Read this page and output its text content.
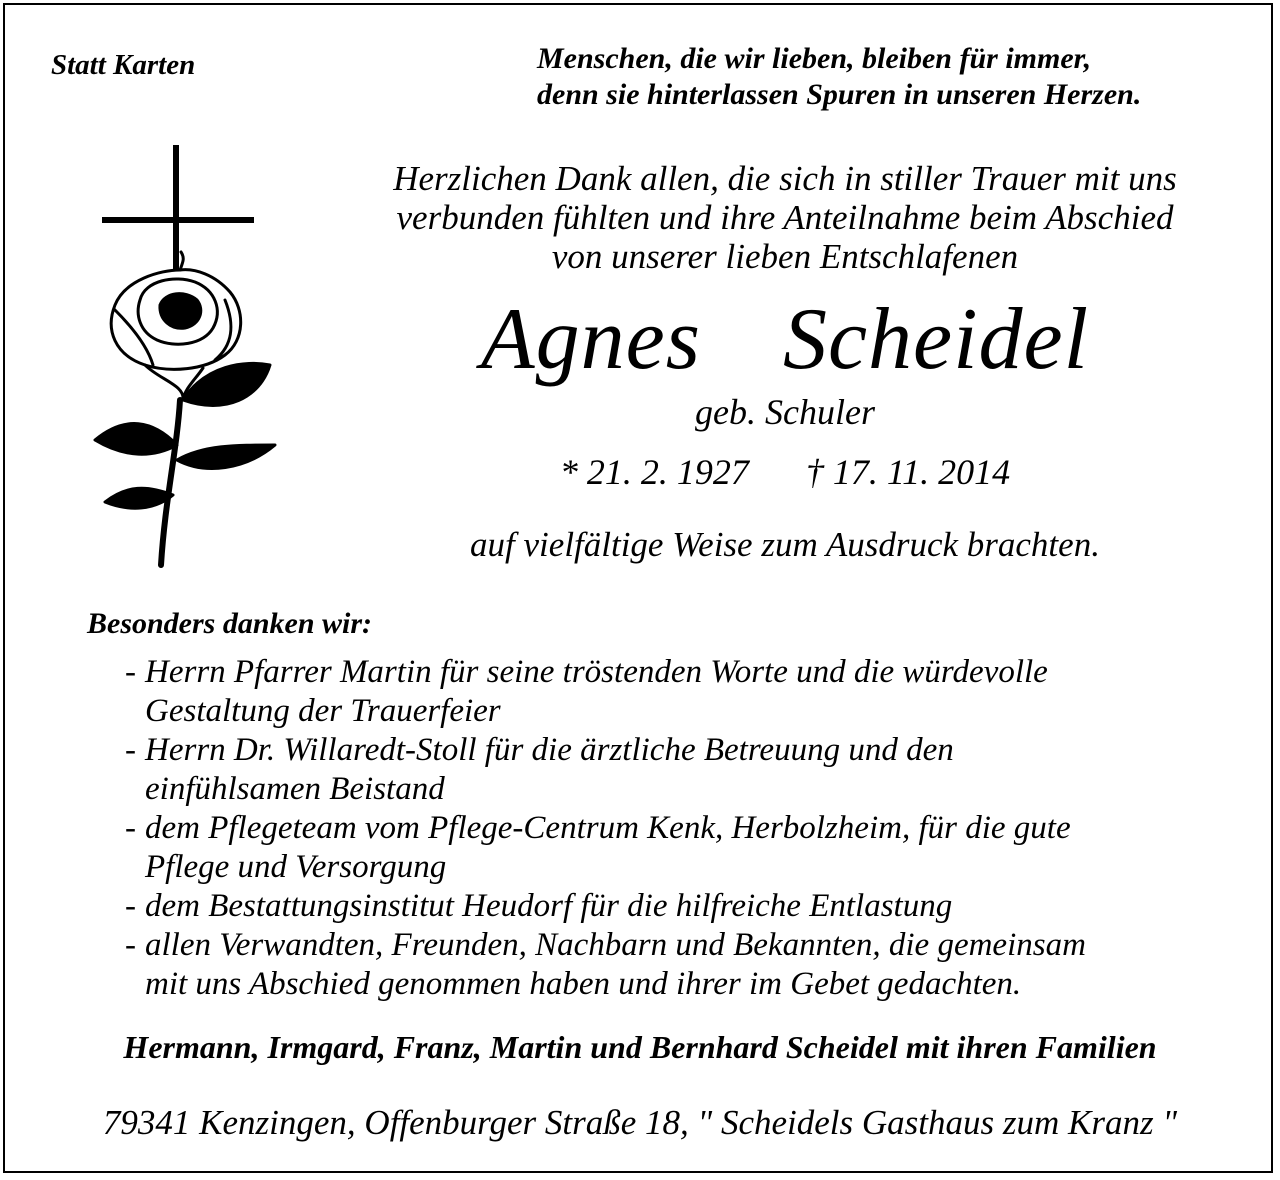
Statt Karten	Menschen, die wir lieben, bleiben für immer,
denn sie hinterlassen Spuren in unseren Herzen.
Herzlichen Dank allen, die sich in stiller Trauer mit uns
verbunden fühlten und ihre Anteilnahme beim Abschied
von unserer lieben Entschlafenen
Agnes  Scheidel
geb. Schuler
* 21. 2. 1927 † 17. 11. 2014
auf vielfältige Weise zum Ausdruck brachten.
Besonders danken wir:
- Herrn Pfarrer Martin für seine tröstenden Worte und die würdevolle
Gestaltung der Trauerfeier
- Herrn Dr. Willaredt-Stoll für die ärztliche Betreuung und den
einfühlsamen Beistand
- dem Pflegeteam vom Pflege-Centrum Kenk, Herbolzheim, für die gute
Pflege und Versorgung
- dem Bestattungsinstitut Heudorf für die hilfreiche Entlastung
- allen Verwandten, Freunden, Nachbarn und Bekannten, die gemeinsam
mit uns Abschied genommen haben und ihrer im Gebet gedachten.
Hermann, Irmgard, Franz, Martin und Bernhard Scheidel mit ihren Familien
79341 Kenzingen, Offenburger Straße 18, " Scheidels Gasthaus zum Kranz "
